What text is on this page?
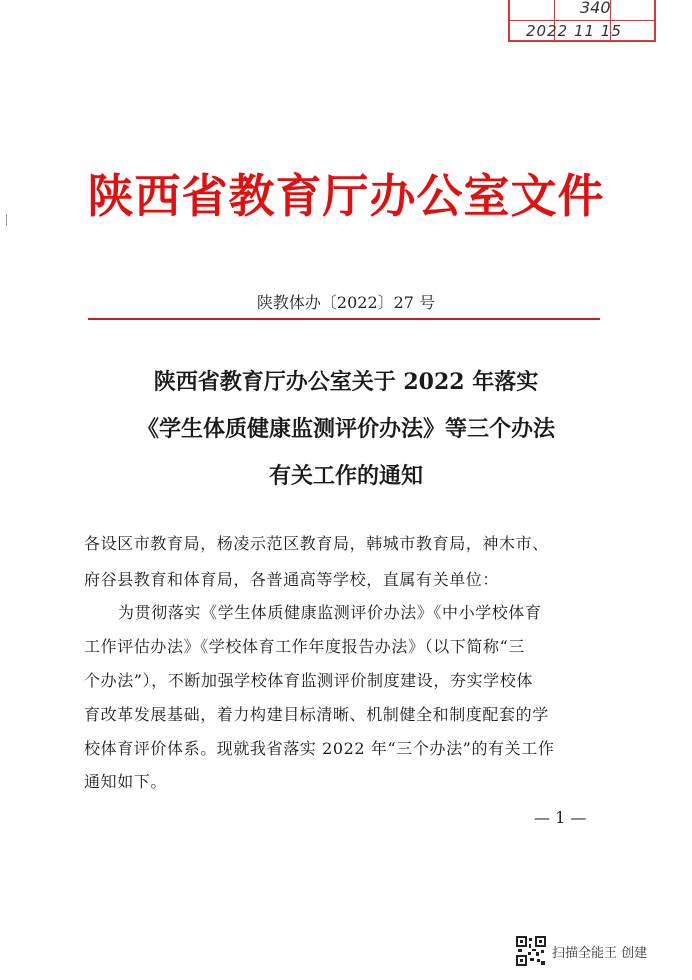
340
2022 11 15
陕西省教育厅办公室文件
陕教体办〔2022〕27 号
陕西省教育厅办公室关于 2022 年落实
《学生体质健康监测评价办法》等三个办法
有关工作的通知
各设区市教育局，杨凌示范区教育局，韩城市教育局，神木市、
府谷县教育和体育局，各普通高等学校，直属有关单位：
为贯彻落实《学生体质健康监测评价办法》《中小学校体育
工作评估办法》《学校体育工作年度报告办法》（以下简称“三
个办法”），不断加强学校体育监测评价制度建设，夯实学校体
育改革发展基础，着力构建目标清晰、机制健全和制度配套的学
校体育评价体系。现就我省落实 2022 年“三个办法”的有关工作
通知如下。
— 1 —
扫描全能王 创建
